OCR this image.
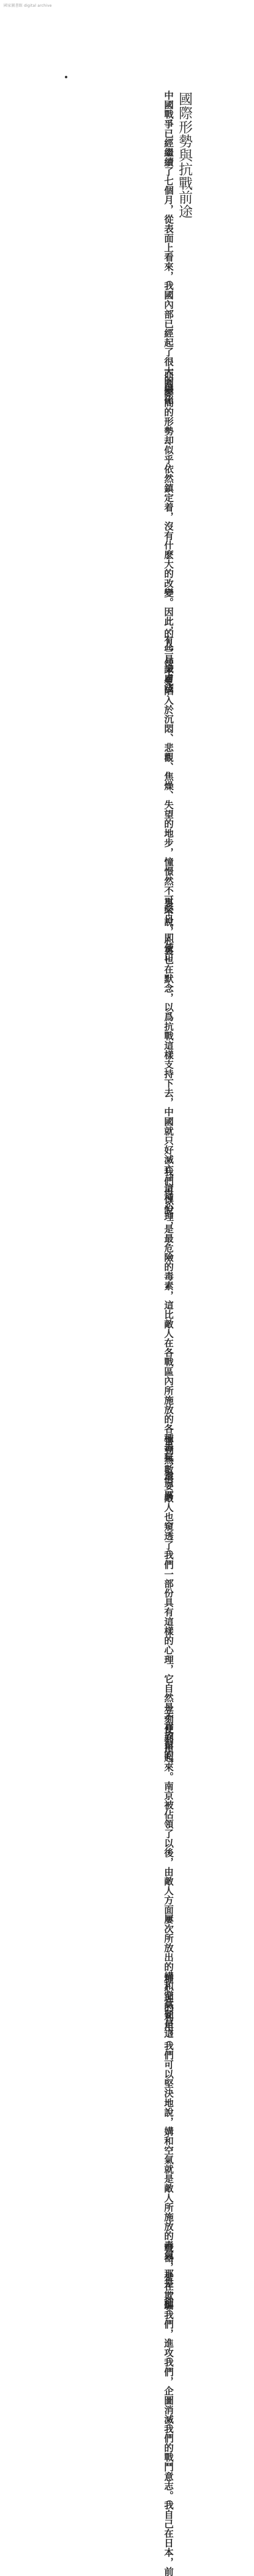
國家圖書館 digital archive
國際形勢與抗戰前途

中國戰爭已經繼續了七個月，從表面上看來，我國內部已經起了很大的變化

，而國際間的形勢却似乎依然鎮定着，沒有什麽大的改變。因此，有些見識膚淺

的人，便不免陷入於沉悶、悲觀、焦燥、失望的地步，憧憬然不可終日。即使口

裏不說，心裏也在默念，以爲抗戰這樣支持下去，中國就只好滅亡。這種心理，

我們可以說，是最危險的毒素，這比敵人在各戰區內所施放的各種毒氣，還要厲

害到無數倍。敵人也窺透了我們一部份具有這樣的心理，它自然是不肯放鬆的，

立刻便利用起來。南京被佔領了以後，由敵人方面屢次所放出的媾和空氣便是這

種心理的利用。我們可以堅決地說，媾和空氣就是敵人所施放的毒氣，那是一種

戰器，是在欺騙我們，進攻我們，企圖消滅我們的戰鬥意志。我自己在日本，前
